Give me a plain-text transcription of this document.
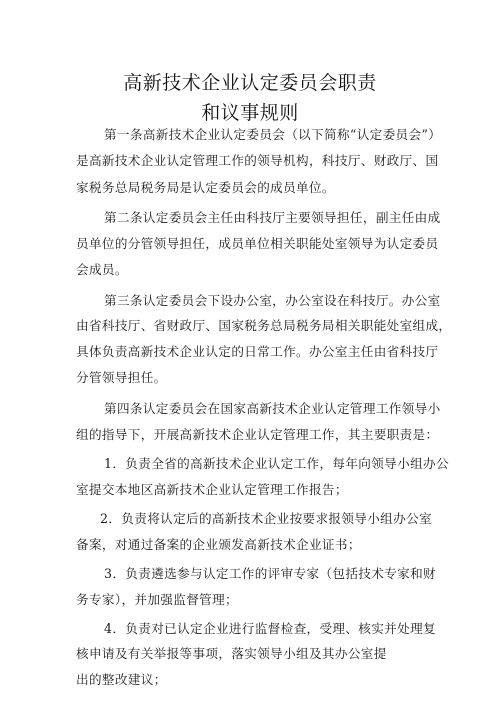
高新技术企业认定委员会职责
和议事规则
第一条高新技术企业认定委员会（以下简称“认定委员会”）
是高新技术企业认定管理工作的领导机构，科技厅、财政厅、国
家税务总局税务局是认定委员会的成员单位。
第二条认定委员会主任由科技厅主要领导担任，副主任由成
员单位的分管领导担任，成员单位相关职能处室领导为认定委员
会成员。
第三条认定委员会下设办公室，办公室设在科技厅。办公室
由省科技厅、省财政厅、国家税务总局税务局相关职能处室组成，
具体负责高新技术企业认定的日常工作。办公室主任由省科技厅
分管领导担任。
第四条认定委员会在国家高新技术企业认定管理工作领导小
组的指导下，开展高新技术企业认定管理工作，其主要职责是：
1．负责全省的高新技术企业认定工作，每年向领导小组办公
室提交本地区高新技术企业认定管理工作报告；
2．负责将认定后的高新技术企业按要求报领导小组办公室
备案，对通过备案的企业颁发高新技术企业证书；
3．负责遴选参与认定工作的评审专家（包括技术专家和财
务专家），并加强监督管理；
4．负责对已认定企业进行监督检查，受理、核实并处理复
核申请及有关举报等事项，落实领导小组及其办公室提
出的整改建议；
